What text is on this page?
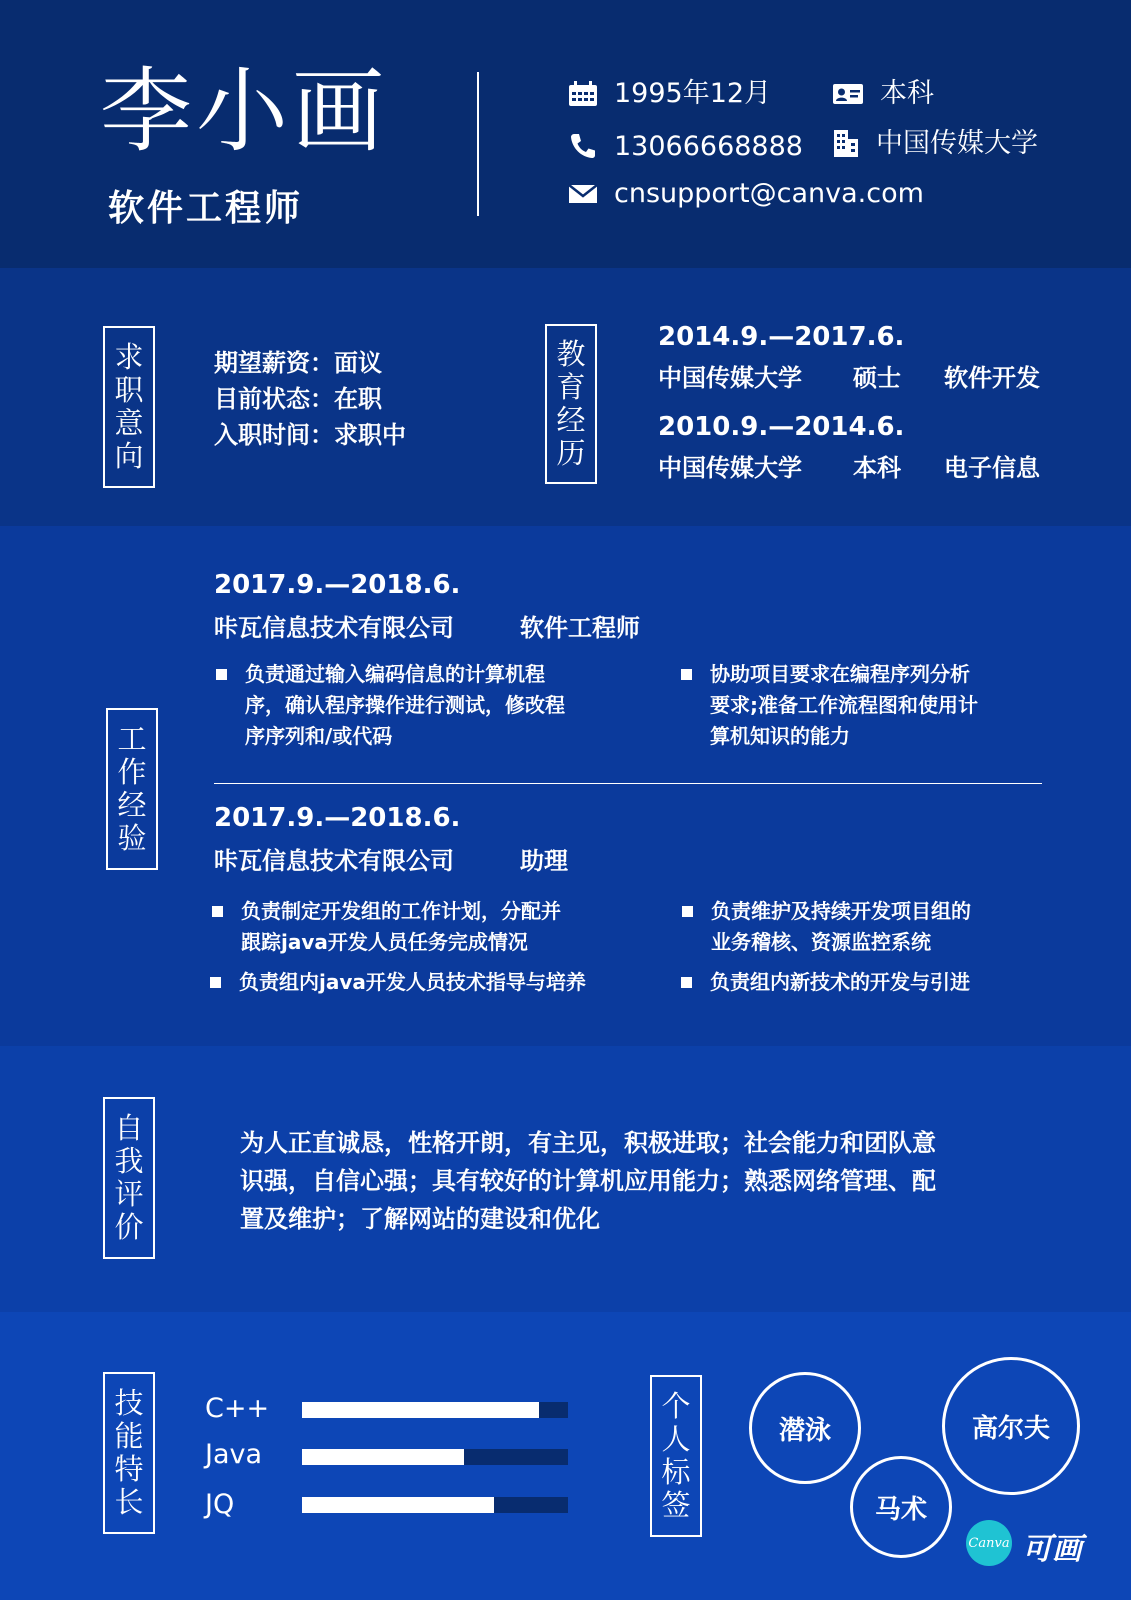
李小画
软件工程师
1995年12月
13066668888
cnsupport@canva.com
本科
中国传媒大学
求
职
意
向
期望薪资：面议
目前状态：在职
入职时间：求职中
教
育
经
历
2014.9.—2017.6.
中国传媒大学 硕士 软件开发
2010.9.—2014.6.
中国传媒大学 本科 电子信息
工
作
经
验
2017.9.—2018.6.
咔瓦信息技术有限公司	软件工程师
负责通过输入编码信息的计算机程
序，确认程序操作进行测试，修改程
序序列和/或代码
协助项目要求在编程序列分析
要求;准备工作流程图和使用计
算机知识的能力
2017.9.—2018.6.
咔瓦信息技术有限公司	助理
负责制定开发组的工作计划，分配并
跟踪java开发人员任务完成情况
负责维护及持续开发项目组的
业务稽核、资源监控系统
负责组内java开发人员技术指导与培养	负责组内新技术的开发与引进
自
我
评
价
为人正直诚恳，性格开朗，有主见，积极进取；社会能力和团队意
识强，自信心强；具有较好的计算机应用能力；熟悉网络管理、配
置及维护；了解网站的建设和优化
技
能
特
长
C++
Java
JQ
个
人
标
签
潜泳	高尔夫
马术
Canva 可画
